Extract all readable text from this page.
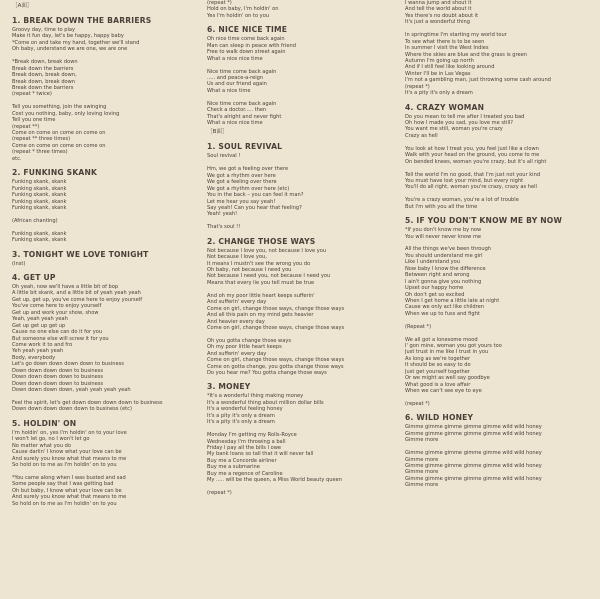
［A面］
1. BREAK DOWN THE BARRIERS
Groovy day, time to play
Make it fun day, let's be happy, happy baby
*Come on and take my hand, together we'll stand
Oh baby, understand we are one, we are one
*Break down, break down
Break down the barriers
Break down, break down,
Break down, break down
Break down the barriers
(repeat * twice)
Tell you something, join the swinging
Cost you nothing, baby, only loving loving
Tell you one time
(repeat **)
Come on come on come on come on
(repeat ** three times)
Come on come on come on come on
(repeat * three times)
etc.
2. FUNKING SKANK
Funking skank, skank
Funking skank, skank
Funking skank, skank
Funking skank, skank
Funking skank, skank
(African chanting)
Funking skank, skank
Funking skank, skank
3. TONIGHT WE LOVE TONIGHT
(Inst)
4. GET UP
Oh yeah, now we'll have a little bit of bop
A little bit skank, and a little bit of yeah yeah yeah
Get up, get up, you've come here to enjoy yourself
You've come here to enjoy yourself
Get up and work your show, show
Yeah, yeah yeah yeah
Get up get up get up
Cause no one else can do it for you
But someone else will screw it for you
Come work it to and fro
Yeh yeah yeah yeah
Body, everybody
Let's go down down down down to business
Down down down down to business
Down down down down to business
Down down down down to business
Down down down down, yeah yeah yeah yeah
Feel the spirit, let's get down down down down to business
Down down down down down to business (etc)
5. HOLDIN' ON
I'm holdin' on, yes I'm holdin' on to your love
I won't let go, no I won't let go
No matter what you do
Cause darlin' I know what your love can be
And surely you know what that means to me
So hold on to me as I'm holdin' on to you
*You came along when I was busted and sad
Some people say that I was getting bad
Oh but baby, I know what your love can be
And surely you know what that means to me
So hold on to me as I'm holdin' on to you
(repeat *)
Hold on baby, I'm holdin' on
Yes I'm holdin' on to you
6. NICE NICE TIME
Oh nice time come back again
Man can sleep in peace with friend
Free to walk down street again
What a nice nice time
Nice time come back again
..... and peace-a-reign
Us and our friend again
What a nice time
Nice time come back again
Check a doctor..... then
That's alright and never fight
What a nice nice time
［B面］
1. SOUL REVIVAL
Soul revival !
Hm, we got a feeling over there
We got a rhythm over here
We got a feeling over there
We got a rhythm over here (etc)
You in the back – you can feel it man?
Let me hear you say yeah!
Say yeah! Can you hear that feeling?
Yeah! yeah!
That's soul !!
2. CHANGE THOSE WAYS
Not because I love you, not because I love you
Not because I love you,
It means I mustn't see the wrong you do
Oh baby, not because I need you
Not because I need you, not because I need you
Means that every lie you tell must be true
And oh my poor little heart keeps sufferin'
And sufferin' every day
Come on girl, change those ways, change those ways
And all this pain on my mind gets heavier
And heavier every day
Come on girl, change those ways, change those ways
Oh you gotta change those ways
Oh my poor little heart keeps
And sufferin' every day
Come on girl, change those ways, change those ways
Come on gotta change, you gotta change those ways
Do you hear me? You gotta change those ways
3. MONEY
*It's a wonderful thing making money
It's a wonderful thing about million dollar bills
It's a wonderful feeling honey
It's a pity it's only a dream
It's a pity it's only a dream
Monday I'm getting my Rolls-Royce
Wednesday I'm throwing a ball
Friday I pay all the bills I owe
My bank loans so tall that it will never fall
Buy me a Concorde airliner
Buy me a submarine
Buy me a regence of Caroline
My ..... will be the queen, a Miss World beauty queen
(repeat *)
I wanna jump and shout it
And tell the world about it
Yes there's no doubt about it
It's just a wonderful thing
In springtime I'm starting my world tour
To see what there is to be seen
In summer I visit the West Indies
Where the skies are blue and the grass is green
Autumn I'm going up north
And if I still feel like looking around
Winter I'll be in Las Vegas
I'm not a gambling man, just throwing some cash around
(repeat *)
It's a pity it's only a dream
4. CRAZY WOMAN
Do you mean to tell me after I treated you bad
Oh how I made you sad, you love me still?
You want me still, woman you're crazy
Crazy as hell
You look at how I treat you, you feel just like a clown
Walk with your head on the ground, you come to me
On bended knees, woman you're crazy, but it's all right
Tell the world I'm no good, that I'm just not your kind
You must have lost your mind, but every night
You'll do all right, woman you're crazy, crazy as hell
You're a crazy woman, you're a lot of trouble
But I'm with you all the time
5. IF YOU DON'T KNOW ME BY NOW
*If you don't know me by now
You will never never know me
All the things we've been through
You should understand me girl
Like I understand you
Now baby I know the difference
Between right and wrong
I ain't gonna give you nothing
Upset our happy home
Oh don't get so excited
When I get home a little late at night
Cause we only act like children
When we up to fuss and fight
(Repeat *)
We all got a lonesome mood
I' gon mine, woman you got yours too
Just trust in me like I trust in you
As long as we're together
It should be so easy to do
Just get yourself together
Or we might as well say goodbye
What good is a love affair
When we can't see eye to eye
(repeat *)
6. WILD HONEY
Gimme gimme gimme gimme gimme wild wild honey
Gimme gimme gimme gimme gimme wild wild honey
Gimme more
Gimme gimme gimme gimme gimme wild wild honey
Gimme more
Gimme gimme gimme gimme gimme wild wild honey
Gimme more
Gimme gimme gimme gimme gimme wild wild honey
Gimme more
